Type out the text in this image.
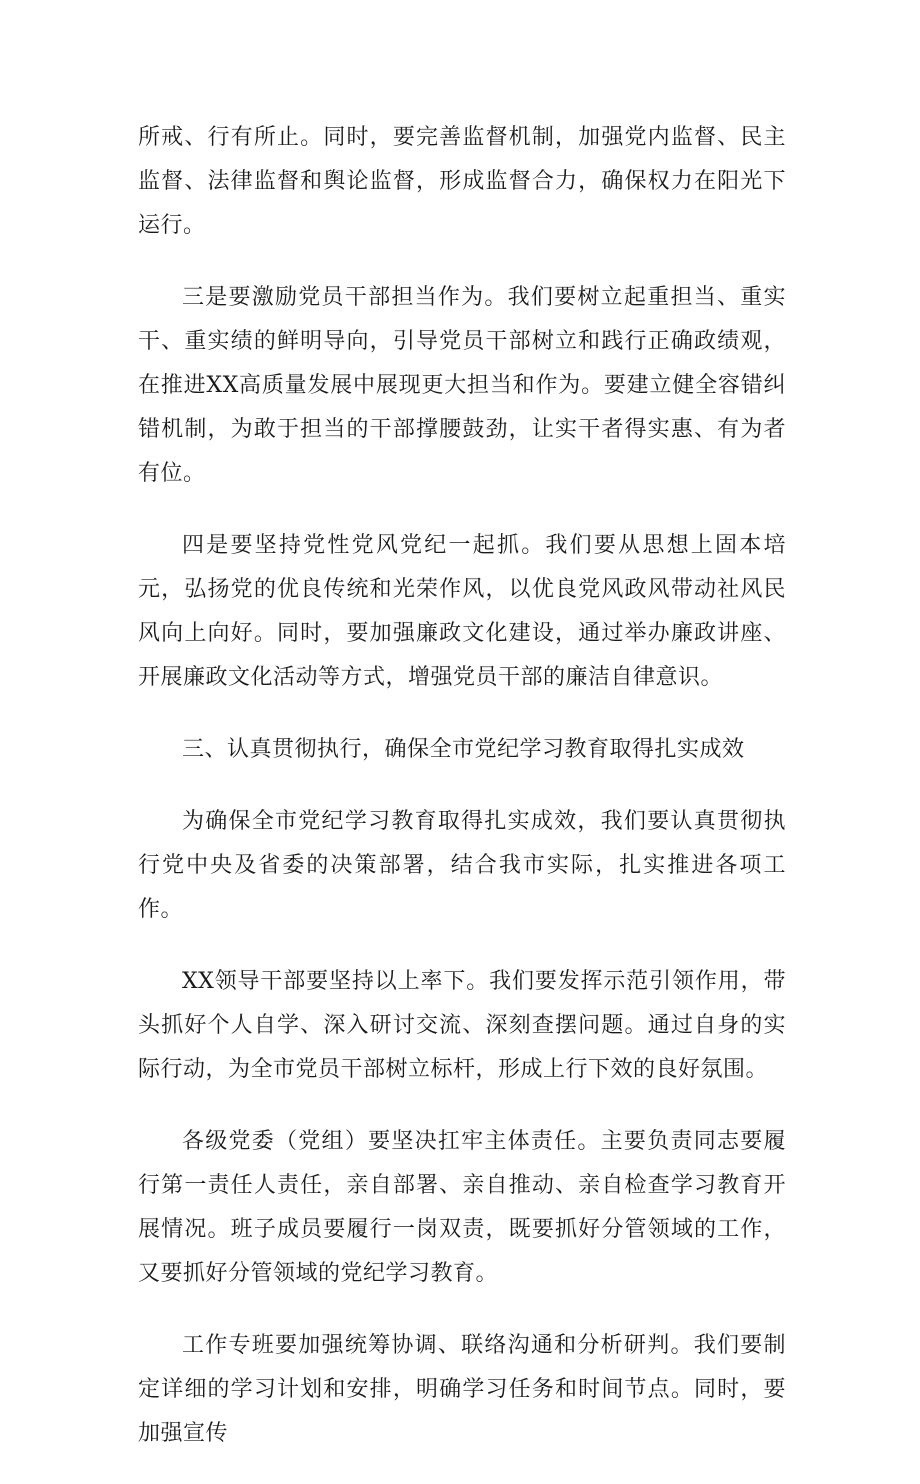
所戒、行有所止。同时，要完善监督机制，加强党内监督、民主监督、法律监督和舆论监督，形成监督合力，确保权力在阳光下运行。

三是要激励党员干部担当作为。我们要树立起重担当、重实干、重实绩的鲜明导向，引导党员干部树立和践行正确政绩观，在推进XX高质量发展中展现更大担当和作为。要建立健全容错纠错机制，为敢于担当的干部撑腰鼓劲，让实干者得实惠、有为者有位。

四是要坚持党性党风党纪一起抓。我们要从思想上固本培元，弘扬党的优良传统和光荣作风，以优良党风政风带动社风民风向上向好。同时，要加强廉政文化建设，通过举办廉政讲座、开展廉政文化活动等方式，增强党员干部的廉洁自律意识。

三、认真贯彻执行，确保全市党纪学习教育取得扎实成效

为确保全市党纪学习教育取得扎实成效，我们要认真贯彻执行党中央及省委的决策部署，结合我市实际，扎实推进各项工作。

XX领导干部要坚持以上率下。我们要发挥示范引领作用，带头抓好个人自学、深入研讨交流、深刻查摆问题。通过自身的实际行动，为全市党员干部树立标杆，形成上行下效的良好氛围。

各级党委（党组）要坚决扛牢主体责任。主要负责同志要履行第一责任人责任，亲自部署、亲自推动、亲自检查学习教育开展情况。班子成员要履行一岗双责，既要抓好分管领域的工作，又要抓好分管领域的党纪学习教育。

工作专班要加强统筹协调、联络沟通和分析研判。我们要制定详细的学习计划和安排，明确学习任务和时间节点。同时，要加强宣传
